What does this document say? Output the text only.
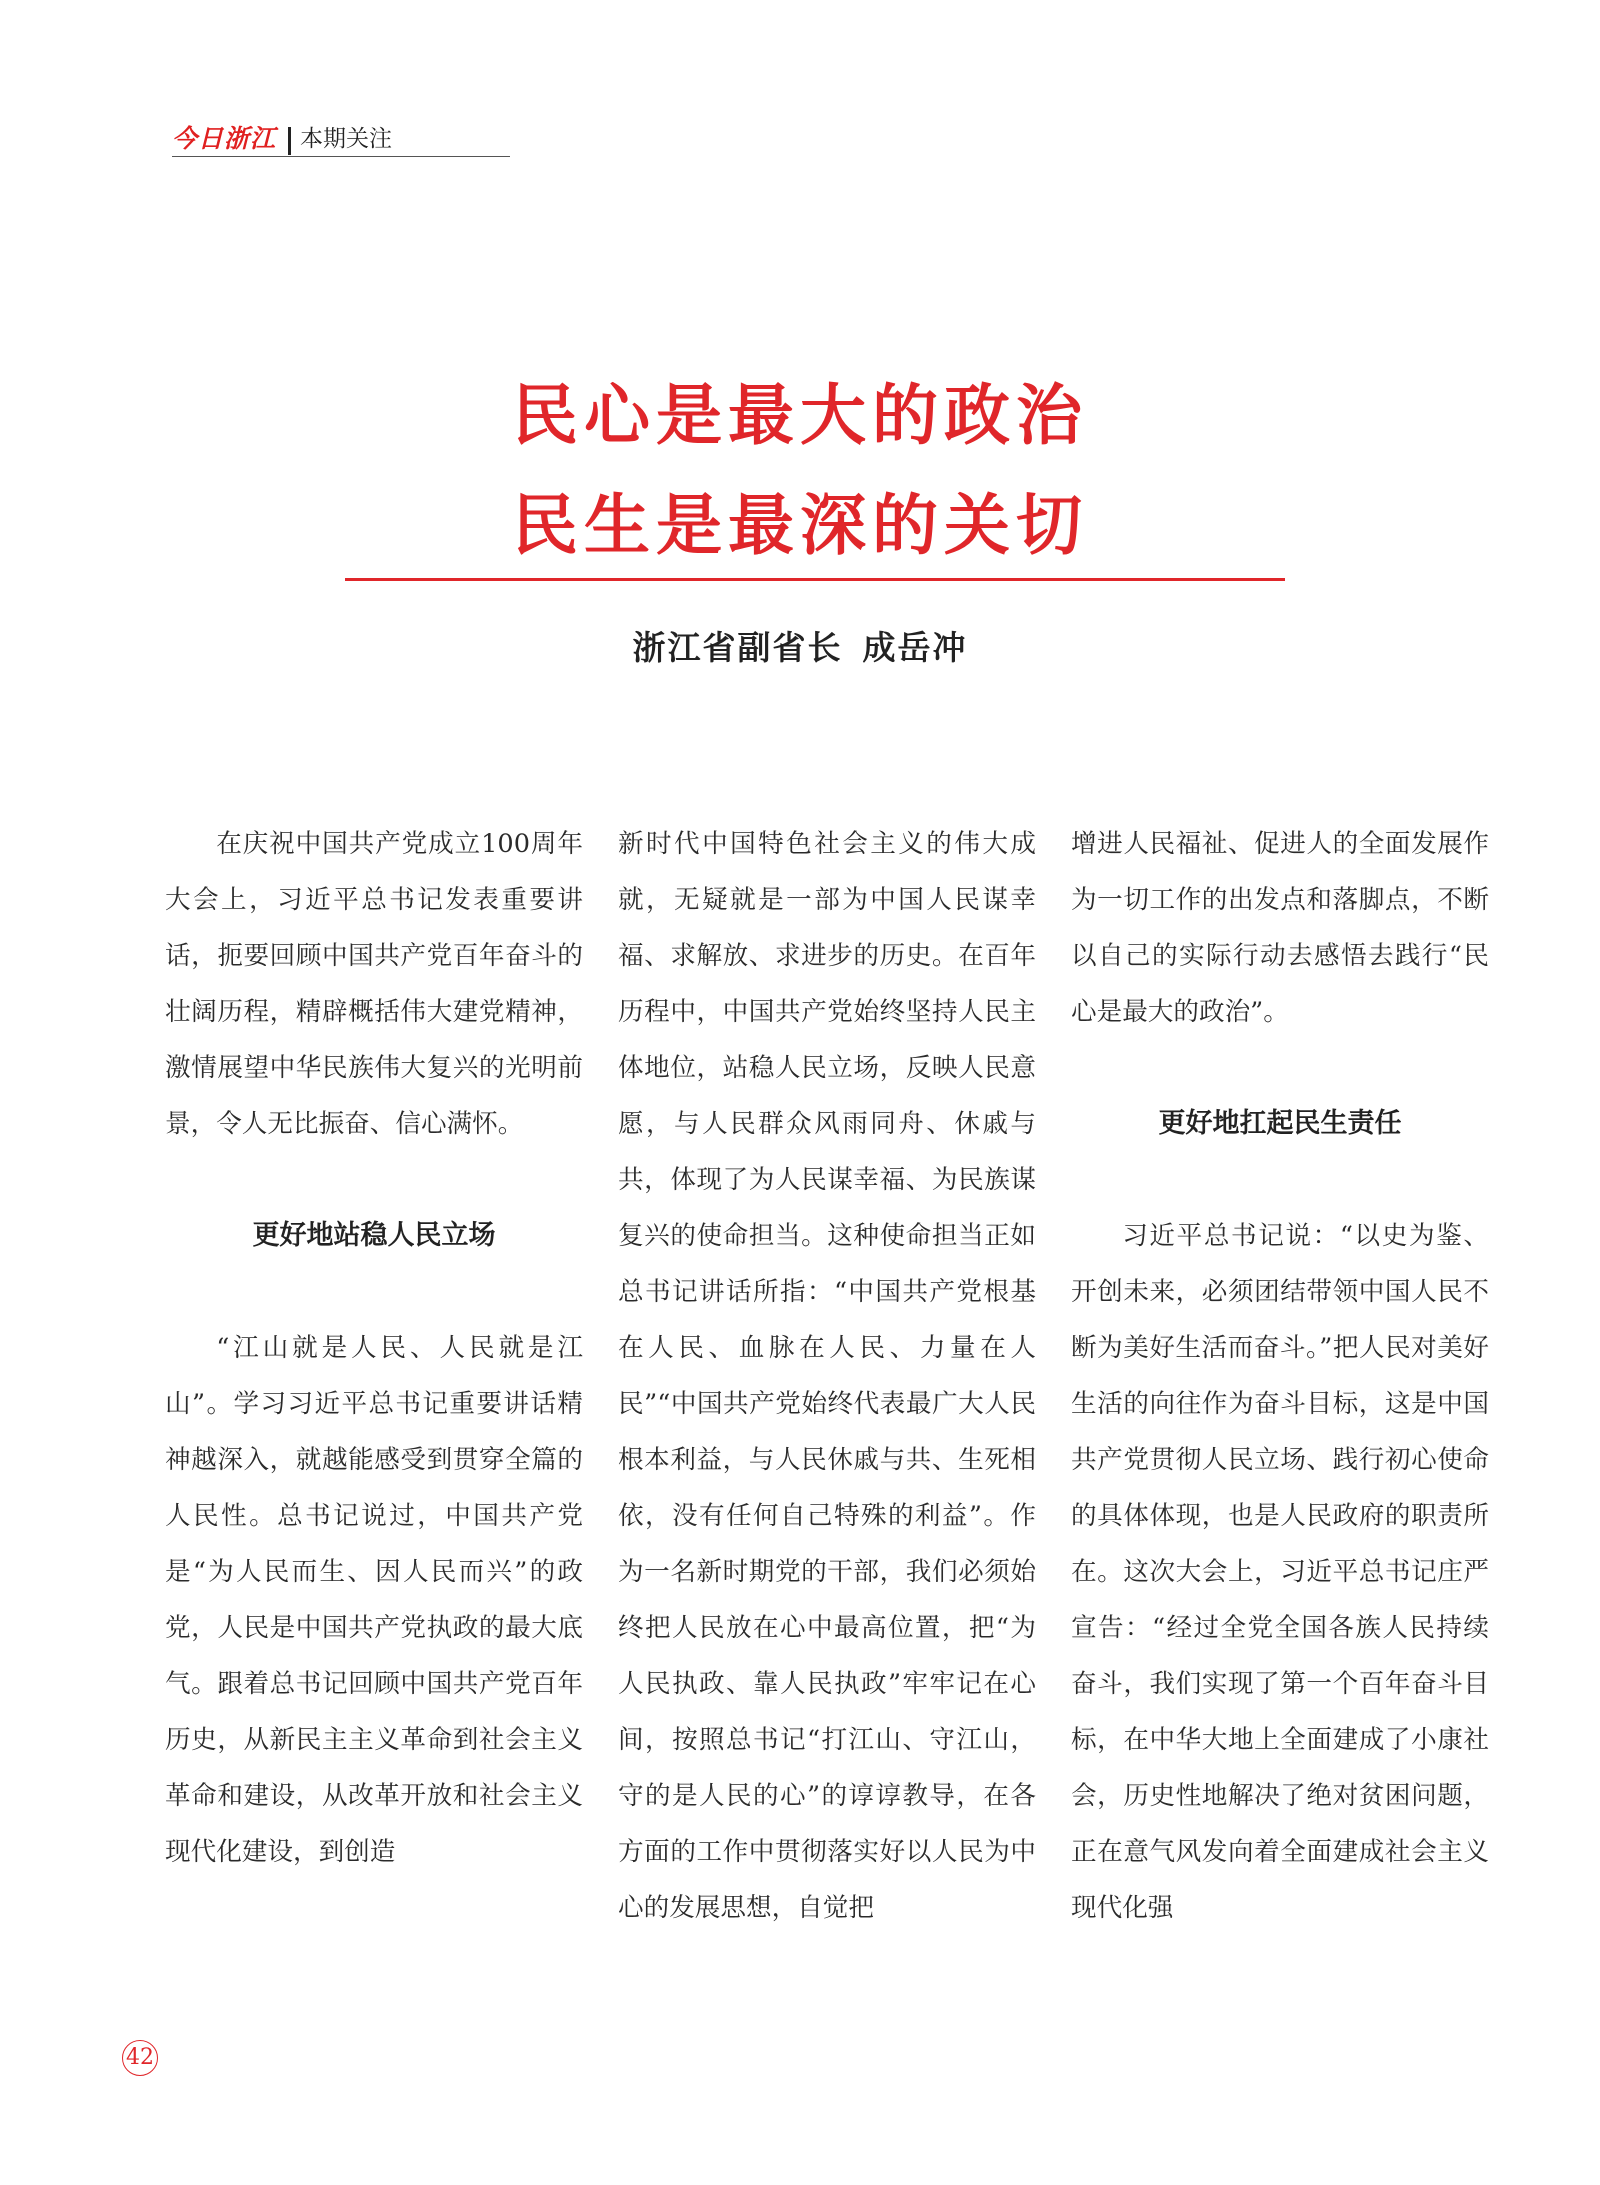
今日浙江 本期关注
民心是最大的政治
民生是最深的关切
浙江省副省长 成岳冲

在庆祝中国共产党成立100周年大会上，习近平总书记发表重要讲话，扼要回顾中国共产党百年奋斗的壮阔历程，精辟概括伟大建党精神，激情展望中华民族伟大复兴的光明前景，令人无比振奋、信心满怀。

更好地站稳人民立场

“江山就是人民、人民就是江山”。学习习近平总书记重要讲话精神越深入，就越能感受到贯穿全篇的人民性。总书记说过，中国共产党是“为人民而生、因人民而兴”的政党，人民是中国共产党执政的最大底气。跟着总书记回顾中国共产党百年历史，从新民主主义革命到社会主义革命和建设，从改革开放和社会主义现代化建设，到创造

新时代中国特色社会主义的伟大成就，无疑就是一部为中国人民谋幸福、求解放、求进步的历史。在百年历程中，中国共产党始终坚持人民主体地位，站稳人民立场，反映人民意愿，与人民群众风雨同舟、休戚与共，体现了为人民谋幸福、为民族谋复兴的使命担当。这种使命担当正如总书记讲话所指：“中国共产党根基在人民、血脉在人民、力量在人民”“中国共产党始终代表最广大人民根本利益，与人民休戚与共、生死相依，没有任何自己特殊的利益”。作为一名新时期党的干部，我们必须始终把人民放在心中最高位置，把“为人民执政、靠人民执政”牢牢记在心间，按照总书记“打江山、守江山，守的是人民的心”的谆谆教导，在各方面的工作中贯彻落实好以人民为中心的发展思想，自觉把

增进人民福祉、促进人的全面发展作为一切工作的出发点和落脚点，不断以自己的实际行动去感悟去践行“民心是最大的政治”。

更好地扛起民生责任

习近平总书记说：“以史为鉴、开创未来，必须团结带领中国人民不断为美好生活而奋斗。”把人民对美好生活的向往作为奋斗目标，这是中国共产党贯彻人民立场、践行初心使命的具体体现，也是人民政府的职责所在。这次大会上，习近平总书记庄严宣告：“经过全党全国各族人民持续奋斗，我们实现了第一个百年奋斗目标，在中华大地上全面建成了小康社会，历史性地解决了绝对贫困问题，正在意气风发向着全面建成社会主义现代化强

42
